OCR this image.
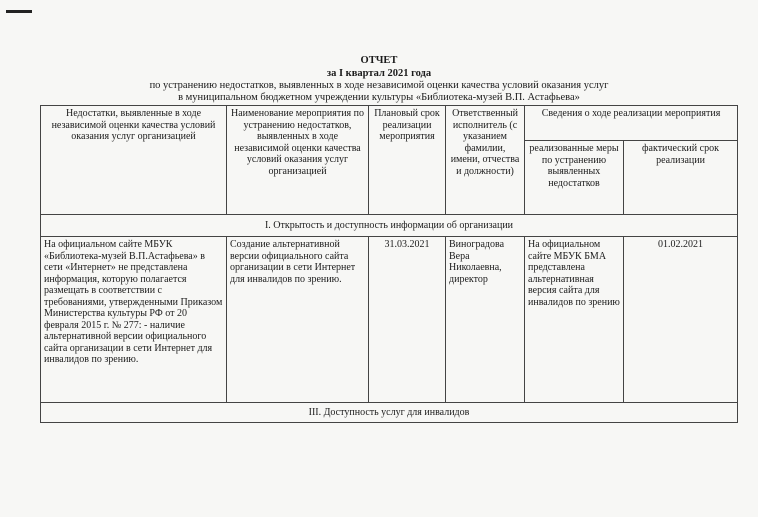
ОТЧЕТ
за I квартал 2021 года
по устранению недостатков, выявленных в ходе независимой оценки качества условий оказания услуг
в муниципальном бюджетном учреждении культуры «Библиотека-музей В.П. Астафьева»
Недостатки, выявленные в ходе независимой оценки качества условий оказания услуг организацией	Наименование мероприятия по устранению недостатков, выявленных в ходе независимой оценки качества условий оказания услуг организацией	Плановый срок реализации мероприятия	Ответственный исполнитель (с указанием фамилии, имени, отчества и должности)	Сведения о ходе реализации мероприятия	
				реализованные меры по устранению выявленных недостатков	фактический срок реализации
I. Открытость и доступность информации об организации					
На официальном сайте МБУК «Библиотека-музей В.П.Астафьева» в сети «Интернет» не представлена информация, которую полагается размещать в соответствии с требованиями, утвержденными Приказом Министерства культуры РФ от 20 февраля 2015 г. № 277: - наличие альтернативной версии официального сайта организации в сети Интернет для инвалидов по зрению.	Создание альтернативной версии официального сайта организации в сети Интернет для инвалидов по зрению.	31.03.2021	Виноградова Вера Николаевна, директор	На официальном сайте МБУК БМА представлена альтернативная версия сайта для инвалидов по зрению	01.02.2021
III. Доступность услуг для инвалидов					
